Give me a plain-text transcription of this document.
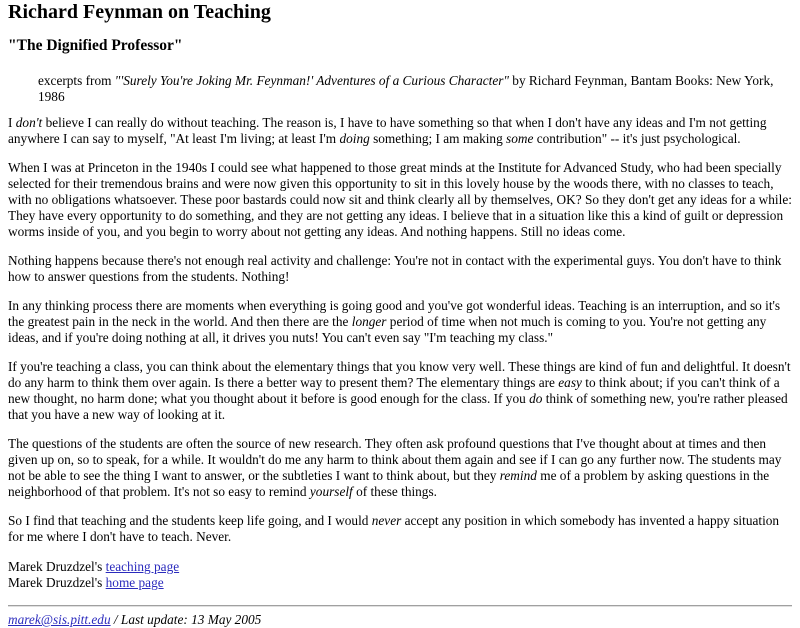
Richard Feynman on Teaching
"The Dignified Professor"
excerpts from "'Surely You're Joking Mr. Feynman!' Adventures of a Curious Character" by Richard Feynman, Bantam Books: New York, 1986

I don't believe I can really do without teaching. The reason is, I have to have something so that when I don't have any ideas and I'm not getting anywhere I can say to myself, "At least I'm living; at least I'm doing something; I am making some contribution" -- it's just psychological.

When I was at Princeton in the 1940s I could see what happened to those great minds at the Institute for Advanced Study, who had been specially selected for their tremendous brains and were now given this opportunity to sit in this lovely house by the woods there, with no classes to teach, with no obligations whatsoever. These poor bastards could now sit and think clearly all by themselves, OK? So they don't get any ideas for a while: They have every opportunity to do something, and they are not getting any ideas. I believe that in a situation like this a kind of guilt or depression worms inside of you, and you begin to worry about not getting any ideas. And nothing happens. Still no ideas come.

Nothing happens because there's not enough real activity and challenge: You're not in contact with the experimental guys. You don't have to think how to answer questions from the students. Nothing!

In any thinking process there are moments when everything is going good and you've got wonderful ideas. Teaching is an interruption, and so it's the greatest pain in the neck in the world. And then there are the longer period of time when not much is coming to you. You're not getting any ideas, and if you're doing nothing at all, it drives you nuts! You can't even say "I'm teaching my class."

If you're teaching a class, you can think about the elementary things that you know very well. These things are kind of fun and delightful. It doesn't do any harm to think them over again. Is there a better way to present them? The elementary things are easy to think about; if you can't think of a new thought, no harm done; what you thought about it before is good enough for the class. If you do think of something new, you're rather pleased that you have a new way of looking at it.

The questions of the students are often the source of new research. They often ask profound questions that I've thought about at times and then given up on, so to speak, for a while. It wouldn't do me any harm to think about them again and see if I can go any further now. The students may not be able to see the thing I want to answer, or the subtleties I want to think about, but they remind me of a problem by asking questions in the neighborhood of that problem. It's not so easy to remind yourself of these things.

So I find that teaching and the students keep life going, and I would never accept any position in which somebody has invented a happy situation for me where I don't have to teach. Never.

Marek Druzdzel's teaching page
Marek Druzdzel's home page
marek@sis.pitt.edu / Last update: 13 May 2005
